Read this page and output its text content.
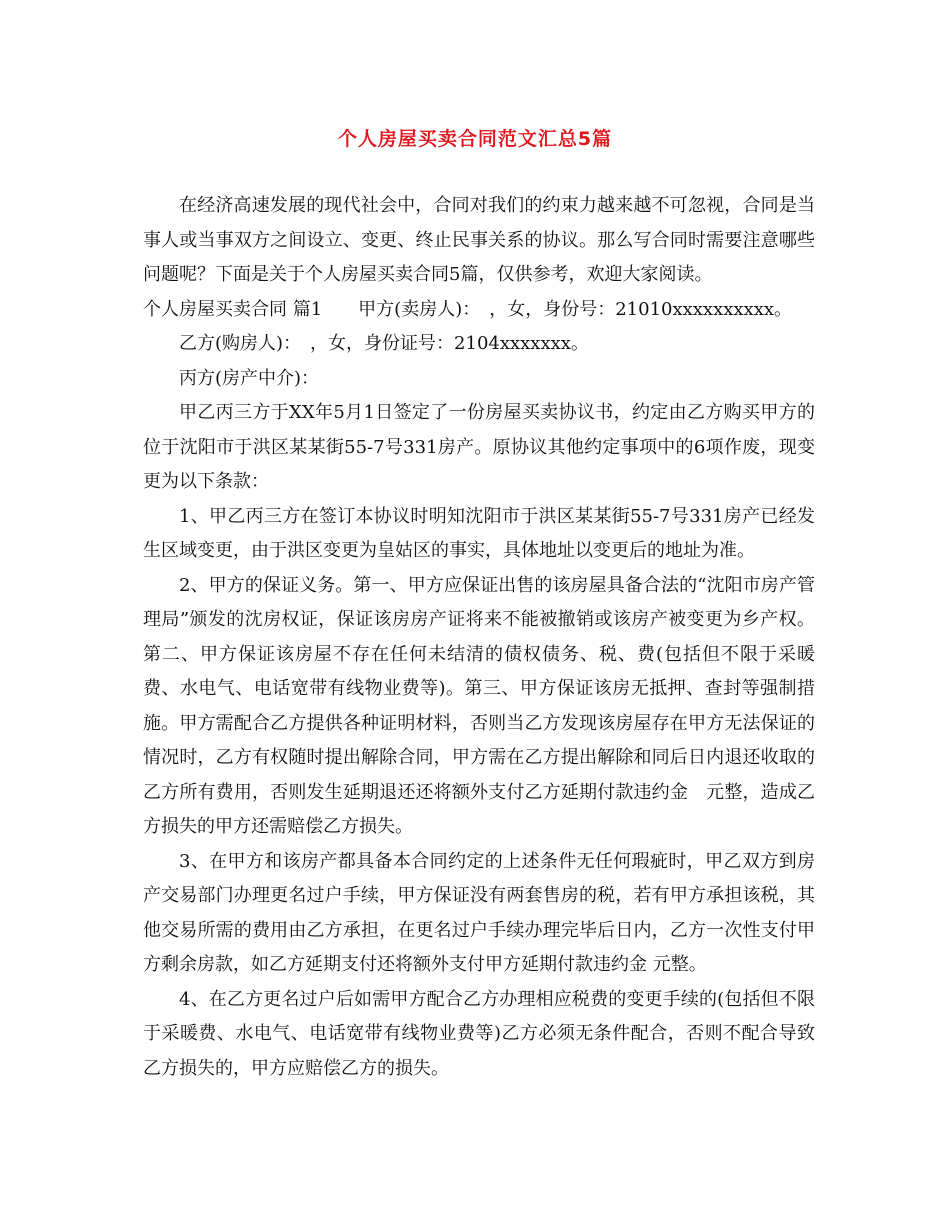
个人房屋买卖合同范文汇总5篇

在经济高速发展的现代社会中，合同对我们的约束力越来越不可忽视，合同是当事人或当事双方之间设立、变更、终止民事关系的协议。那么写合同时需要注意哪些问题呢？下面是关于个人房屋买卖合同5篇，仅供参考，欢迎大家阅读。

个人房屋买卖合同 篇1　　甲方(卖房人)：　，女，身份号：21010xxxxxxxxxx。

乙方(购房人)：　，女，身份证号：2104xxxxxxx。

丙方(房产中介)：

甲乙丙三方于XX年5月1日签定了一份房屋买卖协议书，约定由乙方购买甲方的位于沈阳市于洪区某某街55-7号331房产。原协议其他约定事项中的6项作废，现变更为以下条款：

1、甲乙丙三方在签订本协议时明知沈阳市于洪区某某街55-7号331房产已经发生区域变更，由于洪区变更为皇姑区的事实，具体地址以变更后的地址为准。

2、甲方的保证义务。第一、甲方应保证出售的该房屋具备合法的“沈阳市房产管理局”颁发的沈房权证，保证该房房产证将来不能被撤销或该房产被变更为乡产权。第二、甲方保证该房屋不存在任何未结清的债权债务、税、费(包括但不限于采暖费、水电气、电话宽带有线物业费等)。第三、甲方保证该房无抵押、查封等强制措施。甲方需配合乙方提供各种证明材料，否则当乙方发现该房屋存在甲方无法保证的情况时，乙方有权随时提出解除合同，甲方需在乙方提出解除和同后日内退还收取的乙方所有费用，否则发生延期退还还将额外支付乙方延期付款违约金　元整，造成乙方损失的甲方还需赔偿乙方损失。

3、在甲方和该房产都具备本合同约定的上述条件无任何瑕疵时，甲乙双方到房产交易部门办理更名过户手续，甲方保证没有两套售房的税，若有甲方承担该税，其他交易所需的费用由乙方承担，在更名过户手续办理完毕后日内，乙方一次性支付甲方剩余房款，如乙方延期支付还将额外支付甲方延期付款违约金 元整。

4、在乙方更名过户后如需甲方配合乙方办理相应税费的变更手续的(包括但不限于采暖费、水电气、电话宽带有线物业费等)乙方必须无条件配合，否则不配合导致乙方损失的，甲方应赔偿乙方的损失。
